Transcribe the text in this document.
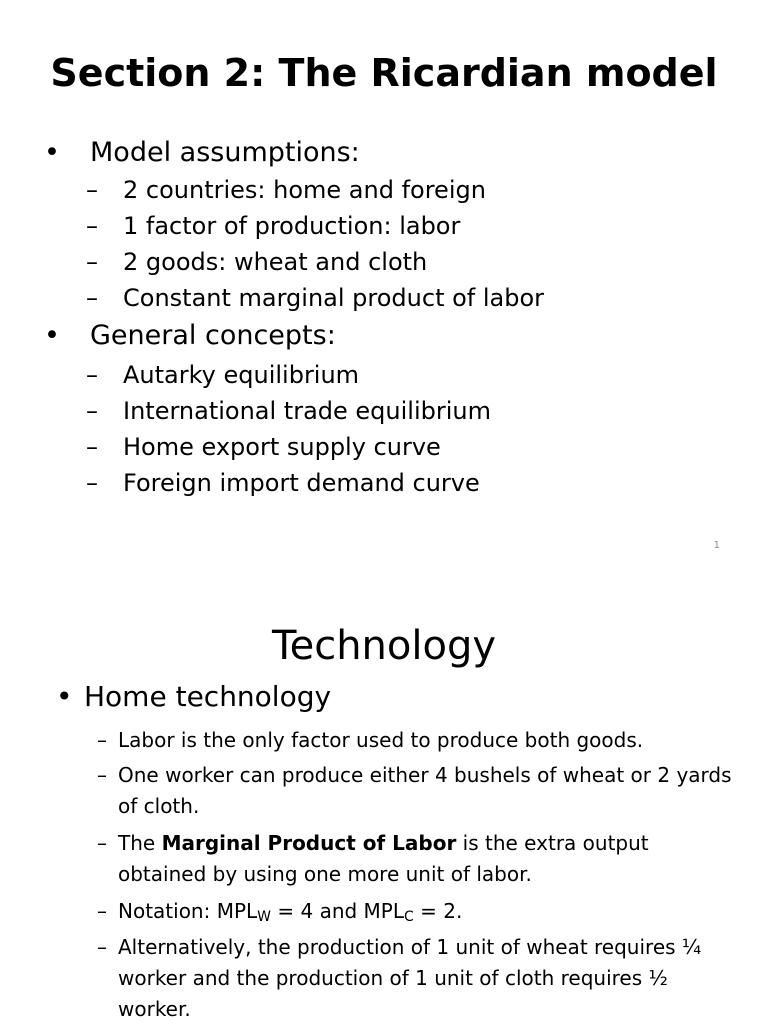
Section 2: The Ricardian model
• Model assumptions:
– 2 countries: home and foreign
– 1 factor of production: labor
– 2 goods: wheat and cloth
– Constant marginal product of labor
• General concepts:
– Autarky equilibrium
– International trade equilibrium
– Home export supply curve
– Foreign import demand curve
1
Technology
• Home technology
– Labor is the only factor used to produce both goods.
– One worker can produce either 4 bushels of wheat or 2 yards of cloth.
– The Marginal Product of Labor is the extra output obtained by using one more unit of labor.
– Notation: $MPL_W = 4$ and $MPL_C = 2$.
– Alternatively, the production of 1 unit of wheat requires ¼ worker and the production of 1 unit of cloth requires ½ worker.
